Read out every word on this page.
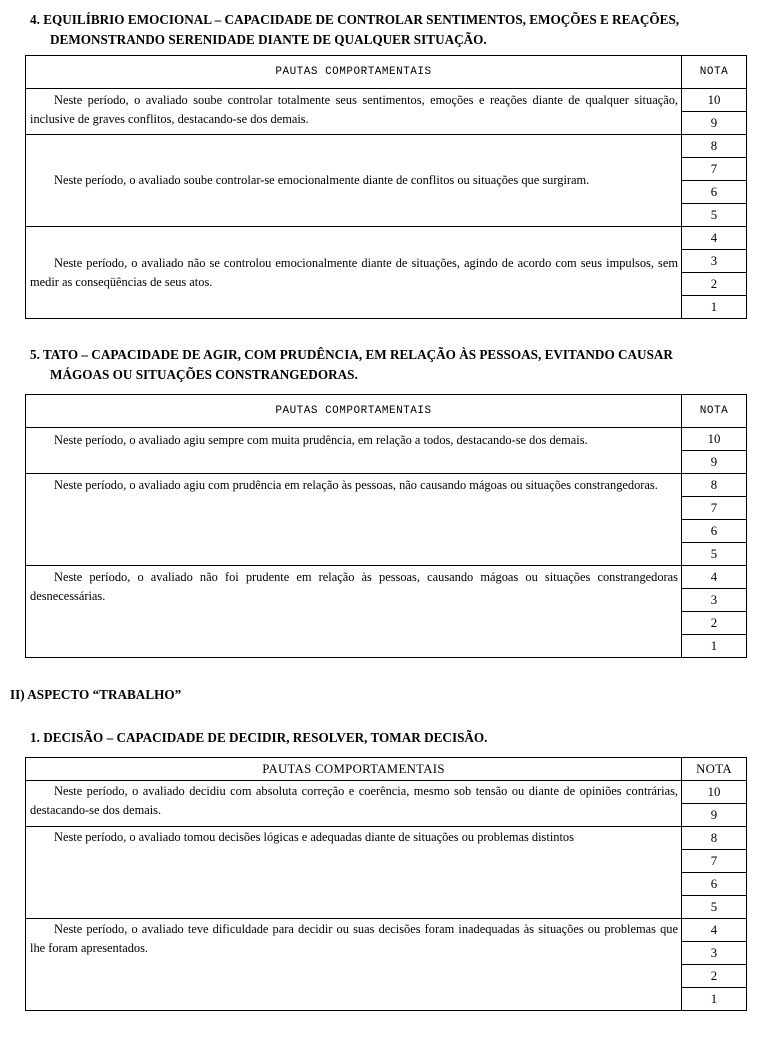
4. EQUILÍBRIO EMOCIONAL – CAPACIDADE DE CONTROLAR SENTIMENTOS, EMOÇÕES E REAÇÕES,
DEMONSTRANDO SERENIDADE DIANTE DE QUALQUER SITUAÇÃO.
PAUTAS COMPORTAMENTAIS	NOTA

Neste período, o avaliado soube controlar totalmente seus sentimentos, emoções e reações diante de qualquer situação, inclusive de graves conflitos, destacando-se dos demais.	10
	9

Neste período, o avaliado soube controlar-se emocionalmente diante de conflitos ou situações que surgiram.	8
	7
	6
	5

Neste período, o avaliado não se controlou emocionalmente diante de situações, agindo de acordo com seus impulsos, sem medir as conseqüências de seus atos.	4
	3
	2
	1
5. TATO – CAPACIDADE DE AGIR, COM PRUDÊNCIA, EM RELAÇÃO ÀS PESSOAS, EVITANDO CAUSAR
MÁGOAS OU SITUAÇÕES CONSTRANGEDORAS.
PAUTAS COMPORTAMENTAIS	NOTA

Neste período, o avaliado agiu sempre com muita prudência, em relação a todos, destacando-se dos demais.	10
	9

Neste período, o avaliado agiu com prudência em relação às pessoas, não causando mágoas ou situações constrangedoras.	8
	7
	6
	5

Neste período, o avaliado não foi prudente em relação às pessoas, causando mágoas ou situações constrangedoras desnecessárias.	4
	3
	2
	1
II) ASPECTO “TRABALHO”
1. DECISÃO – CAPACIDADE DE DECIDIR, RESOLVER, TOMAR DECISÃO.
PAUTAS COMPORTAMENTAIS	NOTA

Neste período, o avaliado decidiu com absoluta correção e coerência, mesmo sob tensão ou diante de opiniões contrárias, destacando-se dos demais.	10
	9

Neste período, o avaliado tomou decisões lógicas e adequadas diante de situações ou problemas distintos	8
	7
	6
	5

Neste período, o avaliado teve dificuldade para decidir ou suas decisões foram inadequadas às situações ou problemas que lhe foram apresentados.	4
	3
	2
	1
